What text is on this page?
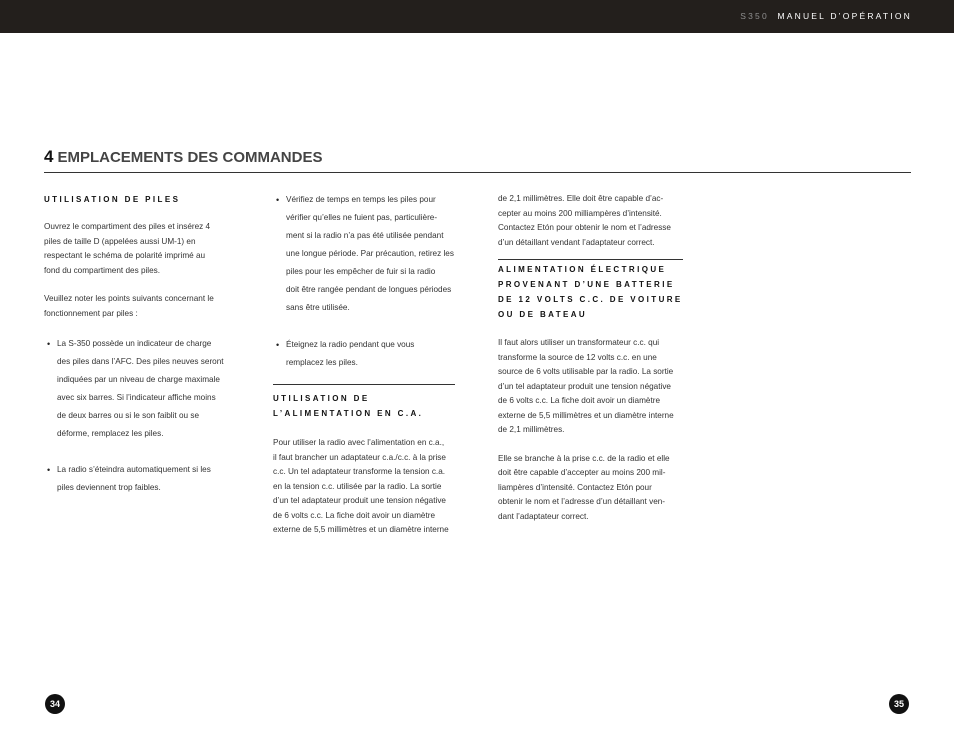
S350 MANUEL D’OPÉRATION
4 EMPLACEMENTS DES COMMANDES
UTILISATION DE PILES

Ouvrez le compartiment des piles et insérez 4
piles de taille D (appelées aussi UM-1) en
respectant le schéma de polarité imprimé au
fond du compartiment des piles.

Veuillez noter les points suivants concernant le
fonctionnement par piles :

• La S-350 possède un indicateur de charge
des piles dans l’AFC. Des piles neuves seront
indiquées par un niveau de charge maximale
avec six barres. Si l’indicateur affiche moins
de deux barres ou si le son faiblit ou se
déforme, remplacez les piles.
• La radio s’éteindra automatiquement si les
piles deviennent trop faibles.
• Vérifiez de temps en temps les piles pour
vérifier qu’elles ne fuient pas, particulière-
ment si la radio n’a pas été utilisée pendant
une longue période. Par précaution, retirez les
piles pour les empêcher de fuir si la radio
doit être rangée pendant de longues périodes
sans être utilisée.
• Éteignez la radio pendant que vous
remplacez les piles.
UTILISATION DE
L’ALIMENTATION EN C.A.

Pour utiliser la radio avec l’alimentation en c.a.,
il faut brancher un adaptateur c.a./c.c. à la prise
c.c. Un tel adaptateur transforme la tension c.a.
en la tension c.c. utilisée par la radio. La sortie
d’un tel adaptateur produit une tension négative
de 6 volts c.c. La fiche doit avoir un diamètre
externe de 5,5 millimètres et un diamètre interne

de 2,1 millimètres. Elle doit être capable d’ac-
cepter au moins 200 milliampères d’intensité.
Contactez Etón pour obtenir le nom et l’adresse
d’un détaillant vendant l’adaptateur correct.

ALIMENTATION ÉLECTRIQUE
PROVENANT D’UNE BATTERIE
DE 12 VOLTS C.C. DE VOITURE
OU DE BATEAU

Il faut alors utiliser un transformateur c.c. qui
transforme la source de 12 volts c.c. en une
source de 6 volts utilisable par la radio. La sortie
d’un tel adaptateur produit une tension négative
de 6 volts c.c. La fiche doit avoir un diamètre
externe de 5,5 millimètres et un diamètre interne
de 2,1 millimètres.

Elle se branche à la prise c.c. de la radio et elle
doit être capable d’accepter au moins 200 mil-
liampères d’intensité. Contactez Etón pour
obtenir le nom et l’adresse d’un détaillant ven-
dant l’adaptateur correct.

34	35
